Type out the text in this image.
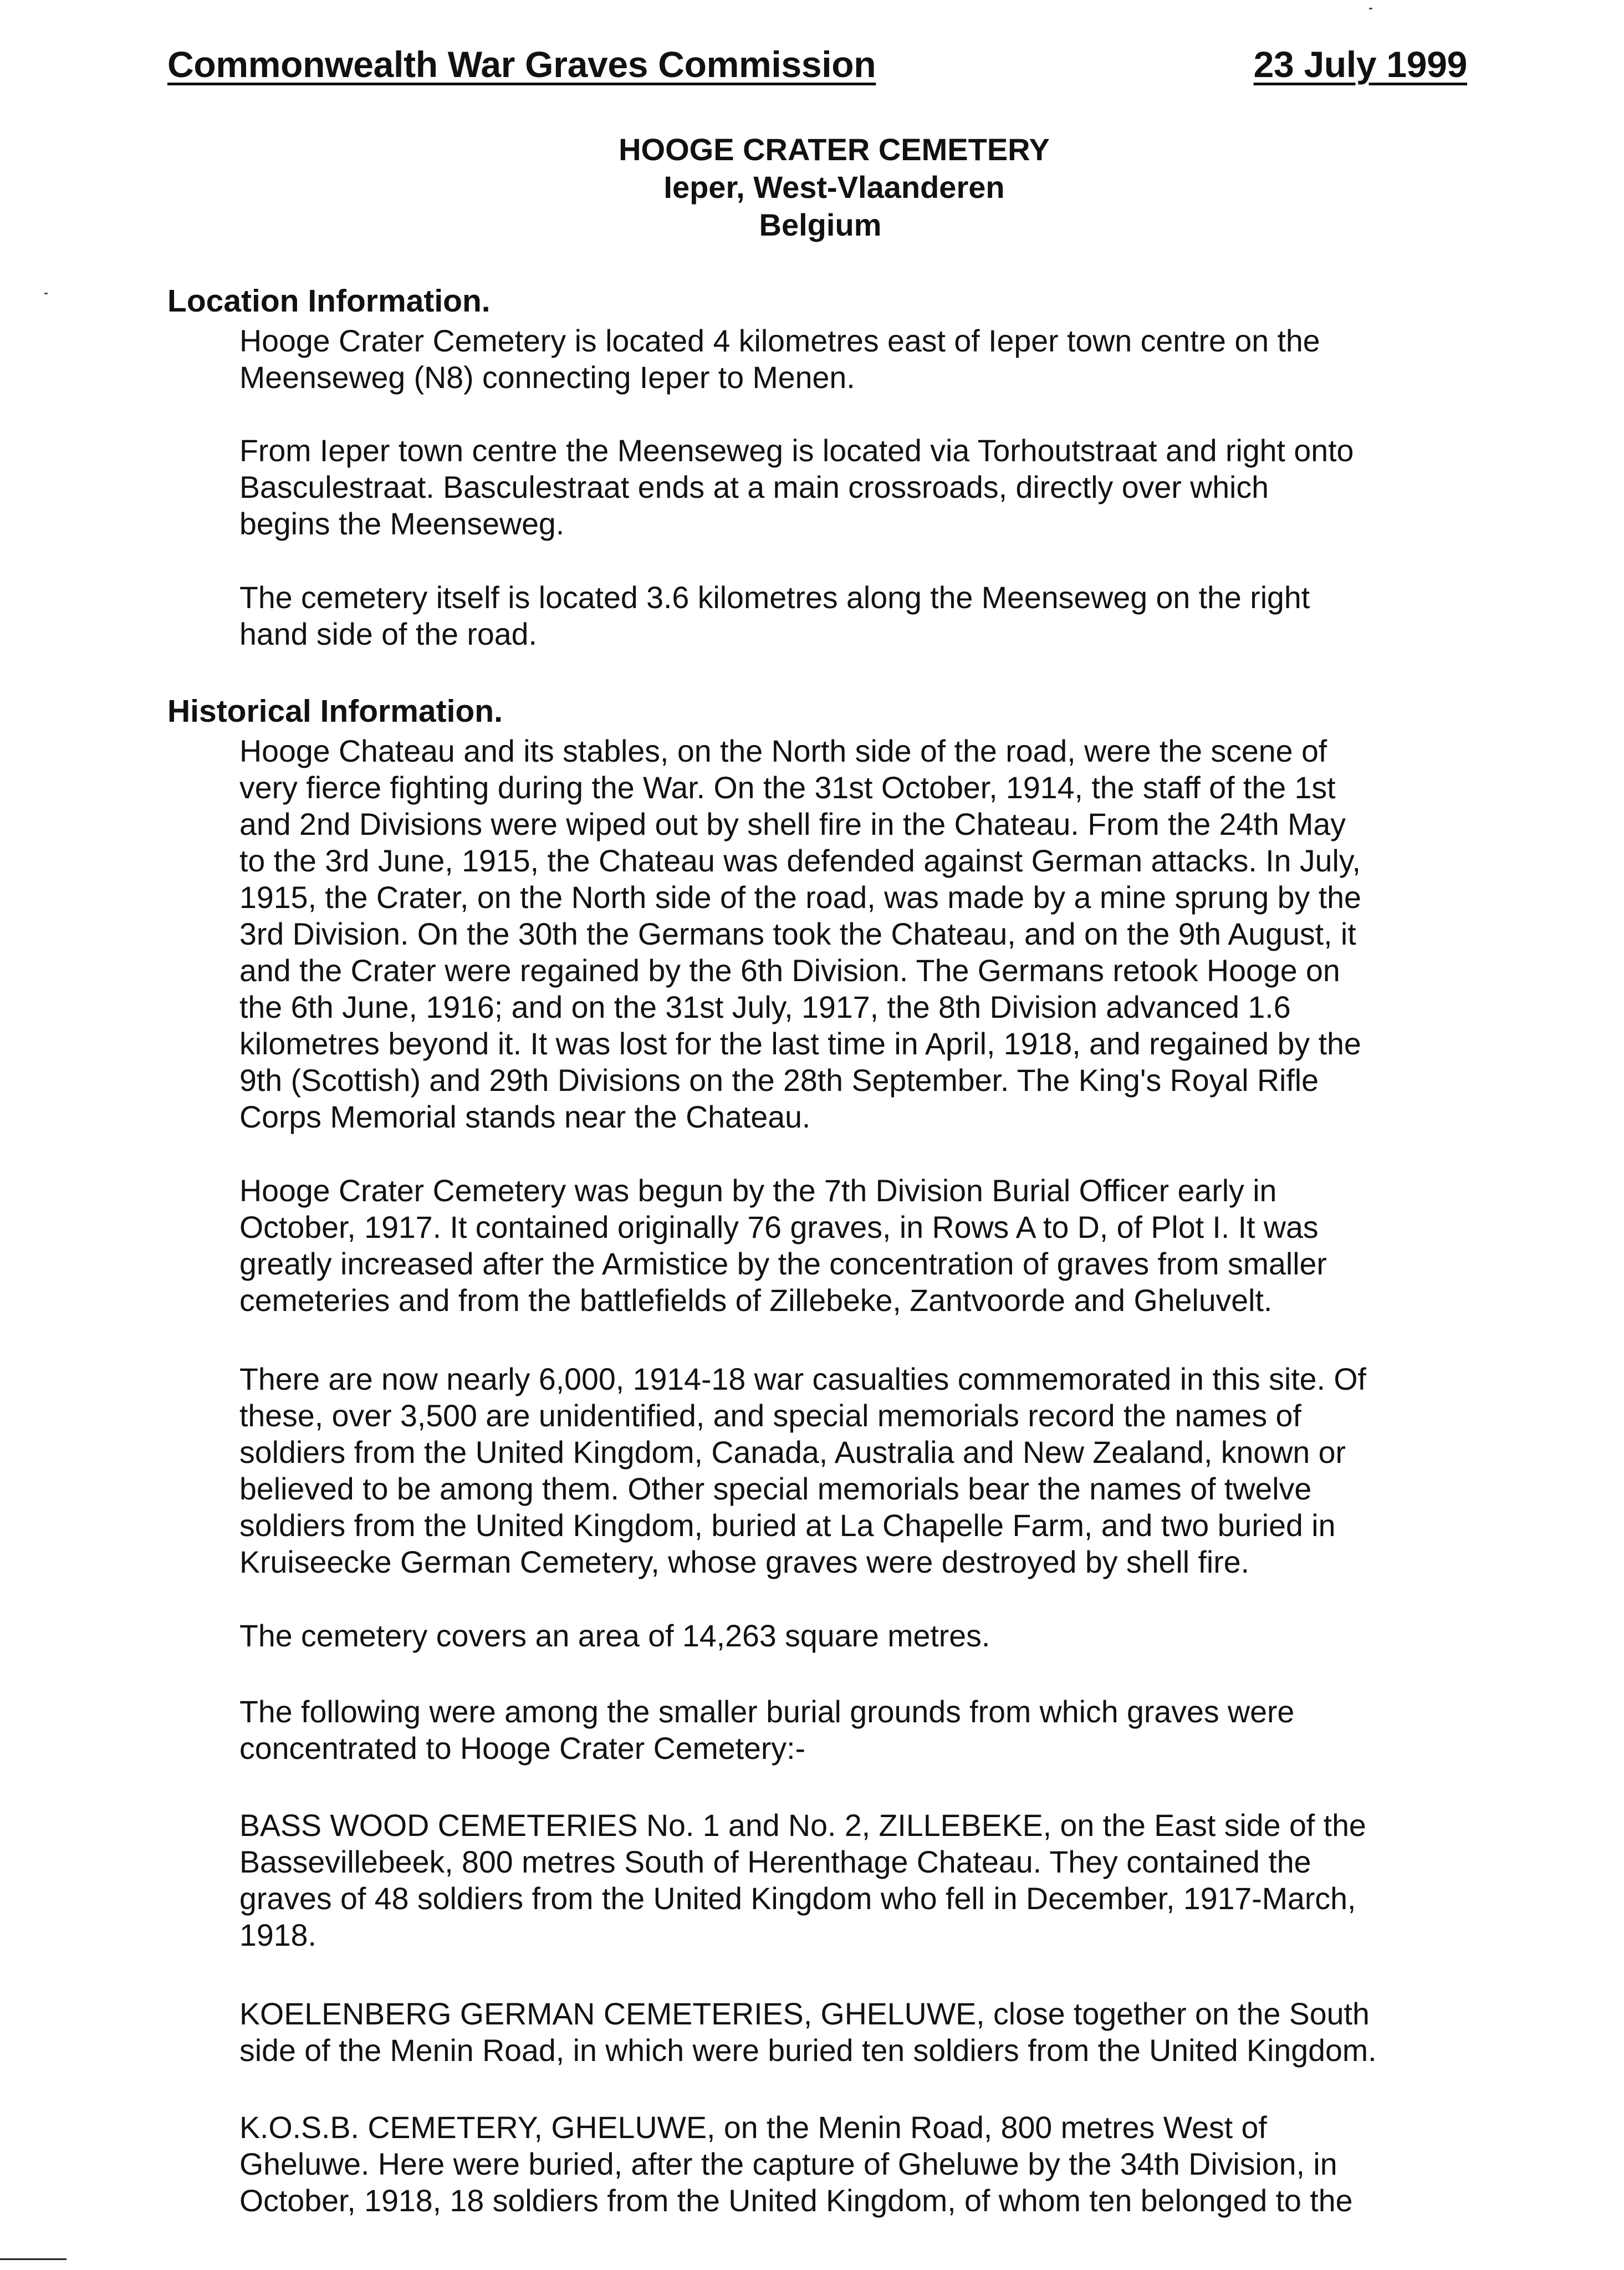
Commonwealth War Graves Commission	23 July 1999
HOOGE CRATER CEMETERY
Ieper, West-Vlaanderen
Belgium
Location Information.
Hooge Crater Cemetery is located 4 kilometres east of Ieper town centre on the
Meenseweg (N8) connecting Ieper to Menen.
From Ieper town centre the Meenseweg is located via Torhoutstraat and right onto
Basculestraat. Basculestraat ends at a main crossroads, directly over which
begins the Meenseweg.
The cemetery itself is located 3.6 kilometres along the Meenseweg on the right
hand side of the road.
Historical Information.
Hooge Chateau and its stables, on the North side of the road, were the scene of
very fierce fighting during the War. On the 31st October, 1914, the staff of the 1st
and 2nd Divisions were wiped out by shell fire in the Chateau. From the 24th May
to the 3rd June, 1915, the Chateau was defended against German attacks. In July,
1915, the Crater, on the North side of the road, was made by a mine sprung by the
3rd Division. On the 30th the Germans took the Chateau, and on the 9th August, it
and the Crater were regained by the 6th Division. The Germans retook Hooge on
the 6th June, 1916; and on the 31st July, 1917, the 8th Division advanced 1.6
kilometres beyond it. It was lost for the last time in April, 1918, and regained by the
9th (Scottish) and 29th Divisions on the 28th September. The King's Royal Rifle
Corps Memorial stands near the Chateau.
Hooge Crater Cemetery was begun by the 7th Division Burial Officer early in
October, 1917. It contained originally 76 graves, in Rows A to D, of Plot I. It was
greatly increased after the Armistice by the concentration of graves from smaller
cemeteries and from the battlefields of Zillebeke, Zantvoorde and Gheluvelt.
There are now nearly 6,000, 1914-18 war casualties commemorated in this site. Of
these, over 3,500 are unidentified, and special memorials record the names of
soldiers from the United Kingdom, Canada, Australia and New Zealand, known or
believed to be among them. Other special memorials bear the names of twelve
soldiers from the United Kingdom, buried at La Chapelle Farm, and two buried in
Kruiseecke German Cemetery, whose graves were destroyed by shell fire.
The cemetery covers an area of 14,263 square metres.
The following were among the smaller burial grounds from which graves were
concentrated to Hooge Crater Cemetery:-
BASS WOOD CEMETERIES No. 1 and No. 2, ZILLEBEKE, on the East side of the
Bassevillebeek, 800 metres South of Herenthage Chateau. They contained the
graves of 48 soldiers from the United Kingdom who fell in December, 1917-March,
1918.
KOELENBERG GERMAN CEMETERIES, GHELUWE, close together on the South
side of the Menin Road, in which were buried ten soldiers from the United Kingdom.
K.O.S.B. CEMETERY, GHELUWE, on the Menin Road, 800 metres West of
Gheluwe. Here were buried, after the capture of Gheluwe by the 34th Division, in
October, 1918, 18 soldiers from the United Kingdom, of whom ten belonged to the
